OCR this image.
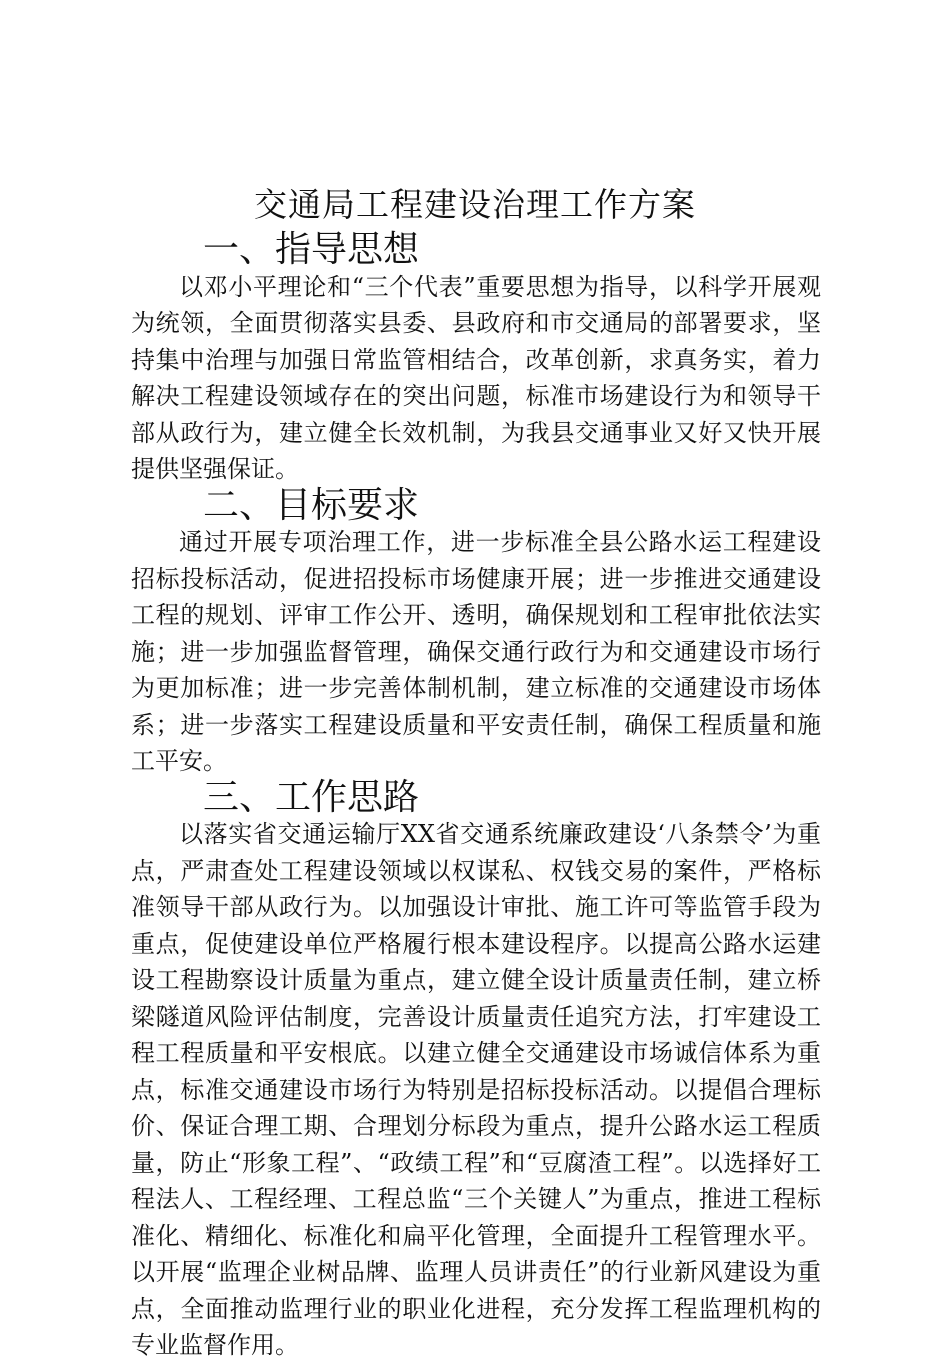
交通局工程建设治理工作方案
一、指导思想

以邓小平理论和“三个代表”重要思想为指导，以科学开展观为统领，全面贯彻落实县委、县政府和市交通局的部署要求，坚持集中治理与加强日常监管相结合，改革创新，求真务实，着力解决工程建设领域存在的突出问题，标准市场建设行为和领导干部从政行为，建立健全长效机制，为我县交通事业又好又快开展提供坚强保证。

二、目标要求

通过开展专项治理工作，进一步标准全县公路水运工程建设招标投标活动，促进招投标市场健康开展；进一步推进交通建设工程的规划、评审工作公开、透明，确保规划和工程审批依法实施；进一步加强监督管理，确保交通行政行为和交通建设市场行为更加标准；进一步完善体制机制，建立标准的交通建设市场体系；进一步落实工程建设质量和平安责任制，确保工程质量和施工平安。

三、工作思路

以落实省交通运输厅XX省交通系统廉政建设‘八条禁令’为重点，严肃查处工程建设领域以权谋私、权钱交易的案件，严格标准领导干部从政行为。以加强设计审批、施工许可等监管手段为重点，促使建设单位严格履行根本建设程序。以提高公路水运建设工程勘察设计质量为重点，建立健全设计质量责任制，建立桥梁隧道风险评估制度，完善设计质量责任追究方法，打牢建设工程工程质量和平安根底。以建立健全交通建设市场诚信体系为重点，标准交通建设市场行为特别是招标投标活动。以提倡合理标价、保证合理工期、合理划分标段为重点，提升公路水运工程质量，防止“形象工程”、“政绩工程”和“豆腐渣工程”。以选择好工程法人、工程经理、工程总监“三个关键人”为重点，推进工程标准化、精细化、标准化和扁平化管理，全面提升工程管理水平。以开展“监理企业树品牌、监理人员讲责任”的行业新风建设为重点，全面推动监理行业的职业化进程，充分发挥工程监理机构的专业监督作用。
